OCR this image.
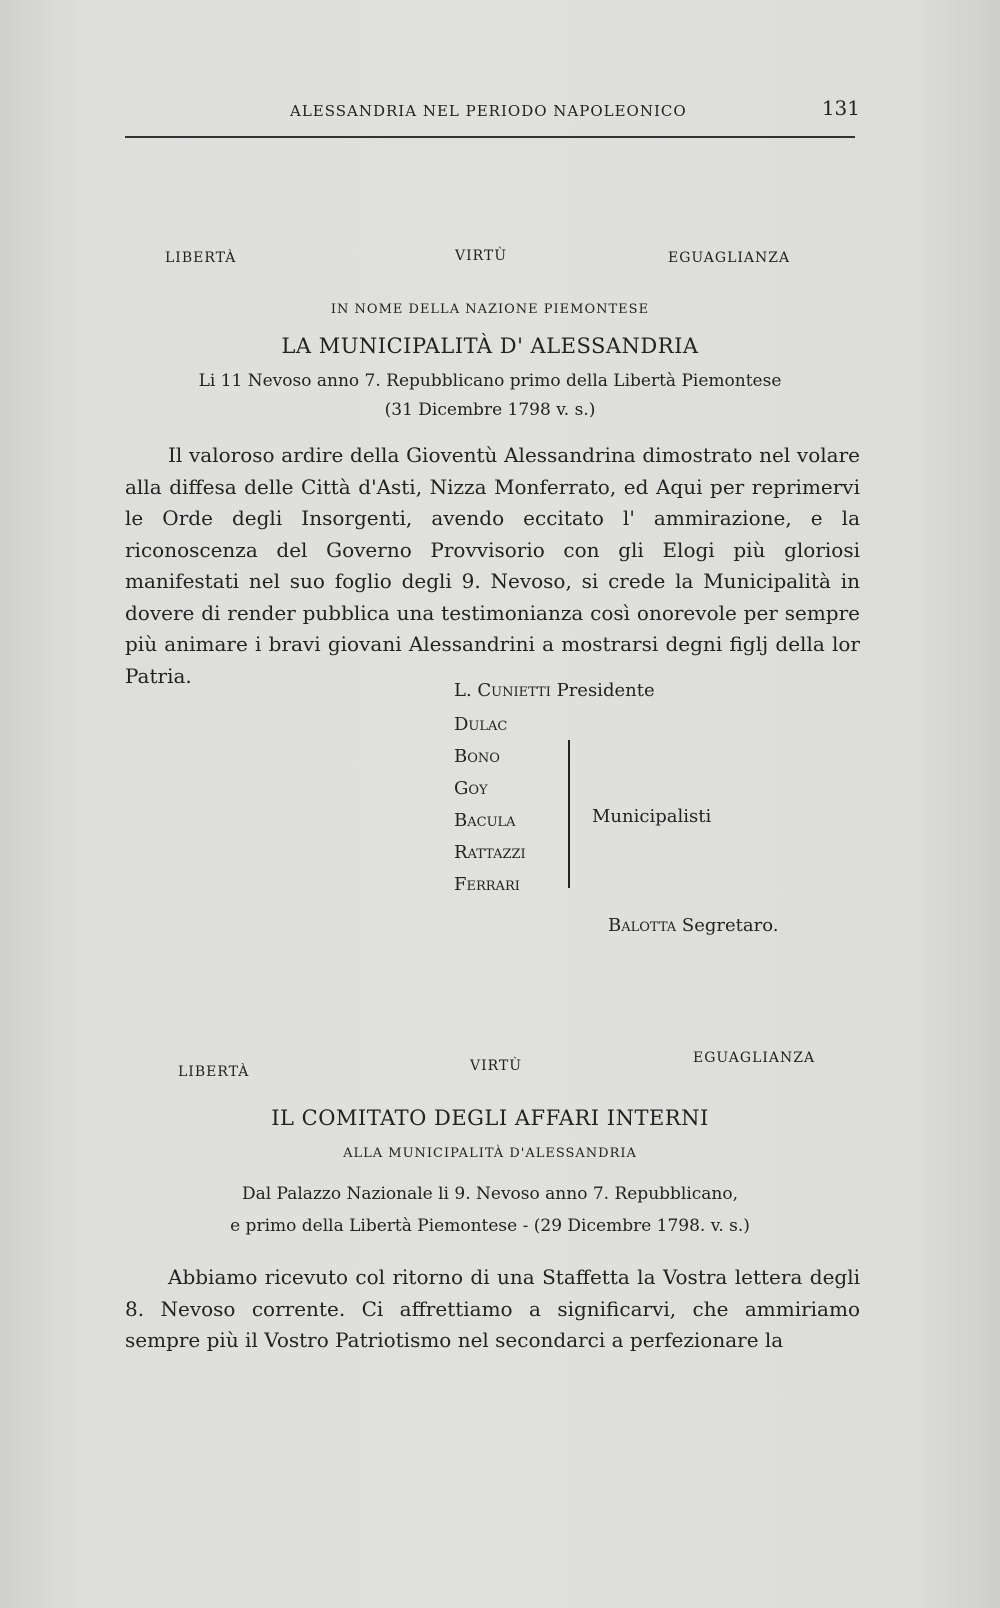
ALESSANDRIA NEL PERIODO NAPOLEONICO	131
LIBERTÀ	VIRTÙ	EGUAGLIANZA
IN NOME DELLA NAZIONE PIEMONTESE
LA MUNICIPALITÀ D' ALESSANDRIA
Li 11 Nevoso anno 7. Repubblicano primo della Libertà Piemontese
(31 Dicembre 1798 v. s.)

Il valoroso ardire della Gioventù Alessandrina dimostrato nel volare alla diffesa delle Città d'Asti, Nizza Monferrato, ed Aqui per reprimervi le Orde degli Insorgenti, avendo eccitato l' ammirazione, e la riconoscenza del Governo Provvisorio con gli Elogi più gloriosi manifestati nel suo foglio degli 9. Nevoso, si crede la Municipalità in dovere di render pubblica una testimonianza così onorevole per sempre più animare i bravi giovani Alessandrini a mostrarsi degni figlj della lor Patria.

L. Cunietti Presidente
Dulac
Bono
Goy
Bacula
Rattazzi
Ferrari
Municipalisti
Balotta Segretaro.
LIBERTÀ	VIRTÙ	EGUAGLIANZA
IL COMITATO DEGLI AFFARI INTERNI
ALLA MUNICIPALITÀ D'ALESSANDRIA
Dal Palazzo Nazionale li 9. Nevoso anno 7. Repubblicano,
e primo della Libertà Piemontese - (29 Dicembre 1798. v. s.)

Abbiamo ricevuto col ritorno di una Staffetta la Vostra lettera degli 8. Nevoso corrente. Ci affrettiamo a significarvi, che ammiriamo sempre più il Vostro Patriotismo nel secondarci a perfezionare la
